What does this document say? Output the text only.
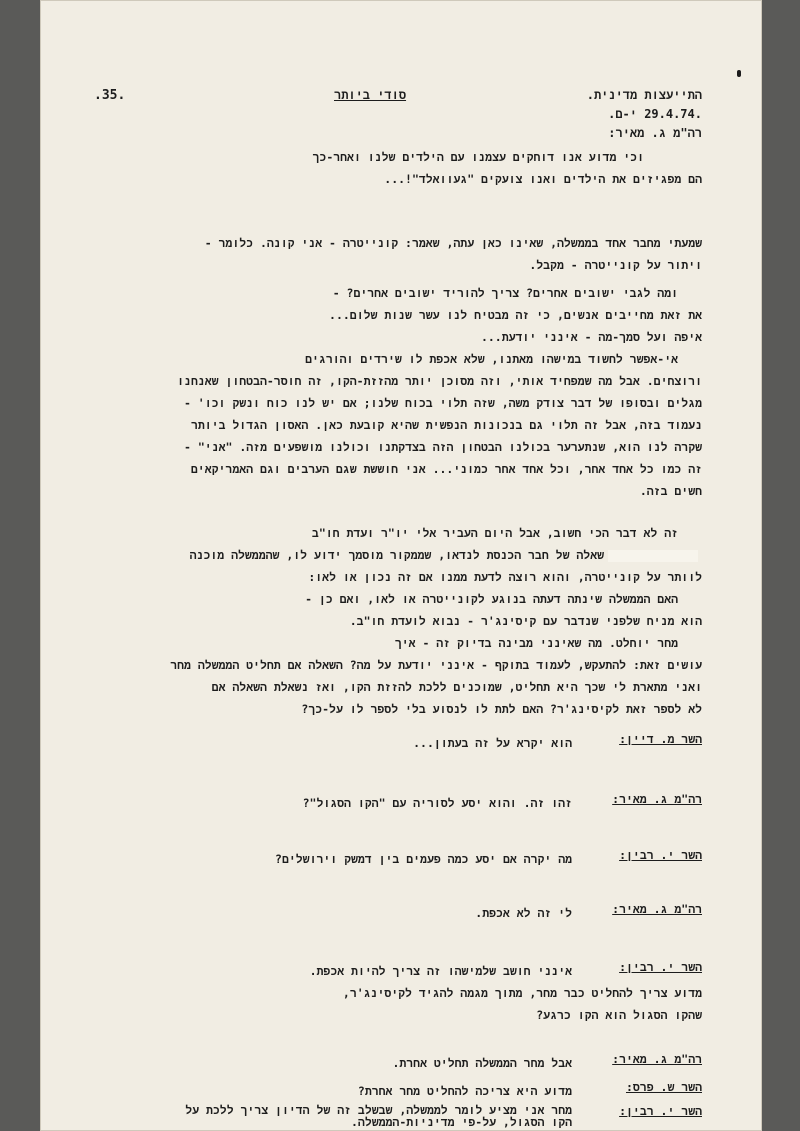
.35.	סודי ביותר	התייעצות מדינית.
.29.4.74 י-ם.
רה"מ ג. מאיר:
וכי מדוע אנו דוחקים עצמנו עם הילדים שלנו ואחר-כך
הם מפגיזים את הילדים ואנו צועקים "געוואלד"!...
שמעתי מחבר אחד בממשלה, שאינו כאן עתה, שאמר: קונייטרה - אני קונה. כלומר -
ויתור על קונייטרה - מקבל.
ומה לגבי ישובים אחרים? צריך להוריד ישובים אחרים? -
את זאת מחייבים אנשים, כי זה מבטיח לנו עשר שנות שלום...
איפה ועל סמך-מה - אינני יודעת...
אי-אפשר לחשוד במישהו מאתנו, שלא אכפת לו שירדים והורגים
ורוצחים. אבל מה שמפחיד אותי, וזה מסוכן יותר מהזזת-הקו, זה חוסר-הבטחון שאנחנו
מגלים ובסופו של דבר צודק משה, שזה תלוי בכוח שלנו; אם יש לנו כוח ונשק וכו' -
נעמוד בזה, אבל זה תלוי גם בנכונות הנפשית שהיא קובעת כאן. האסון הגדול ביותר
שקרה לנו הוא, שנתערער בכולנו הבטחון הזה בצדקתנו וכולנו מושפעים מזה. "אני" -
זה כמו כל אחד אחר, וכל אחד אחר כמוני... אני חוששת שגם הערבים וגם האמריקאים
חשים בזה.
זה לא דבר הכי חשוב, אבל היום העביר אלי יו"ר ועדת חו"ב
שאלה של חבר הכנסת לנדאו, שממקור מוסמך ידוע לו, שהממשלה מוכנה
לוותר על קונייטרה, והוא רוצה לדעת ממנו אם זה נכון או לאו:
האם הממשלה שינתה דעתה בנוגע לקונייטרה או לאו, ואם כן -
הוא מניח שלפני שנדבר עם קיסינג'ר - נבוא לועדת חו"ב.
מחר יוחלט. מה שאינני מבינה בדיוק זה - איך
עושים זאת: להתעקש, לעמוד בתוקף - אינני יודעת על מה? השאלה אם תחליט הממשלה מחר
ואני מתארת לי שכך היא תחליט, שמוכנים ללכת להזזת הקו, ואז נשאלת השאלה אם
לא לספר זאת לקיסינג'ר? האם לתת לו לנסוע בלי לספר לו על-כך?
השר מ. דיין:
הוא יקרא על זה בעתון...
רה"מ ג. מאיר:
זהו זה. והוא יסע לסוריה עם "הקו הסגול"?
השר י. רבין:
מה יקרה אם יסע כמה פעמים בין דמשק וירושלים?
רה"מ ג. מאיר:
לי זה לא אכפת.
השר י. רבין:
אינני חושב שלמישהו זה צריך להיות אכפת.
מדוע צריך להחליט כבר מחר, מתוך מגמה להגיד לקיסינג'ר,
שהקו הסגול הוא הקו כרגע?
רה"מ ג. מאיר:
אבל מחר הממשלה תחליט אחרת.
השר ש. פרס:
מדוע היא צריכה להחליט מחר אחרת?
השר י. רבין:
מחר אני מציע לומר לממשלה, שבשלב זה של הדיון צריך ללכת על
הקו הסגול, על-פי מדיניות-הממשלה.
